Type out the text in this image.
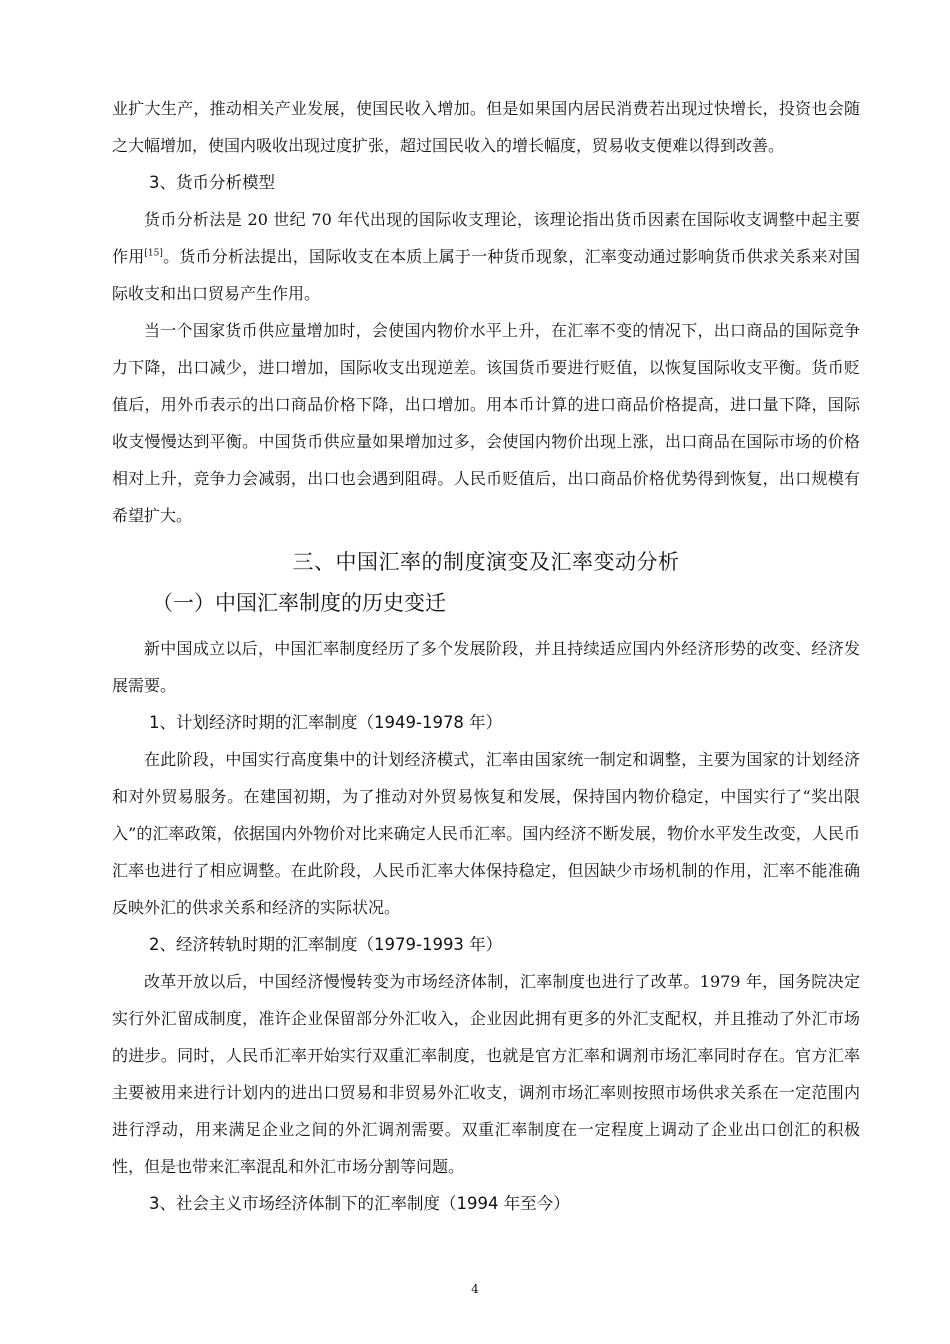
业扩大生产，推动相关产业发展，使国民收入增加。但是如果国内居民消费若出现过快增长，投资也会随之大幅增加，使国内吸收出现过度扩张，超过国民收入的增长幅度，贸易收支便难以得到改善。

3、货币分析模型

货币分析法是 20 世纪 70 年代出现的国际收支理论，该理论指出货币因素在国际收支调整中起主要作用[15]。货币分析法提出，国际收支在本质上属于一种货币现象，汇率变动通过影响货币供求关系来对国际收支和出口贸易产生作用。

当一个国家货币供应量增加时，会使国内物价水平上升，在汇率不变的情况下，出口商品的国际竞争力下降，出口减少，进口增加，国际收支出现逆差。该国货币要进行贬值，以恢复国际收支平衡。货币贬值后，用外币表示的出口商品价格下降，出口增加。用本币计算的进口商品价格提高，进口量下降，国际收支慢慢达到平衡。中国货币供应量如果增加过多，会使国内物价出现上涨，出口商品在国际市场的价格相对上升，竞争力会减弱，出口也会遇到阻碍。人民币贬值后，出口商品价格优势得到恢复，出口规模有希望扩大。

三、中国汇率的制度演变及汇率变动分析

（一）中国汇率制度的历史变迁

新中国成立以后，中国汇率制度经历了多个发展阶段，并且持续适应国内外经济形势的改变、经济发展需要。

1、计划经济时期的汇率制度（1949-1978 年）

在此阶段，中国实行高度集中的计划经济模式，汇率由国家统一制定和调整，主要为国家的计划经济和对外贸易服务。在建国初期，为了推动对外贸易恢复和发展，保持国内物价稳定，中国实行了“奖出限入”的汇率政策，依据国内外物价对比来确定人民币汇率。国内经济不断发展，物价水平发生改变，人民币汇率也进行了相应调整。在此阶段，人民币汇率大体保持稳定，但因缺少市场机制的作用，汇率不能准确反映外汇的供求关系和经济的实际状况。

2、经济转轨时期的汇率制度（1979-1993 年）

改革开放以后，中国经济慢慢转变为市场经济体制，汇率制度也进行了改革。1979 年，国务院决定实行外汇留成制度，准许企业保留部分外汇收入，企业因此拥有更多的外汇支配权，并且推动了外汇市场的进步。同时，人民币汇率开始实行双重汇率制度，也就是官方汇率和调剂市场汇率同时存在。官方汇率主要被用来进行计划内的进出口贸易和非贸易外汇收支，调剂市场汇率则按照市场供求关系在一定范围内进行浮动，用来满足企业之间的外汇调剂需要。双重汇率制度在一定程度上调动了企业出口创汇的积极性，但是也带来汇率混乱和外汇市场分割等问题。

3、社会主义市场经济体制下的汇率制度（1994 年至今）

4
